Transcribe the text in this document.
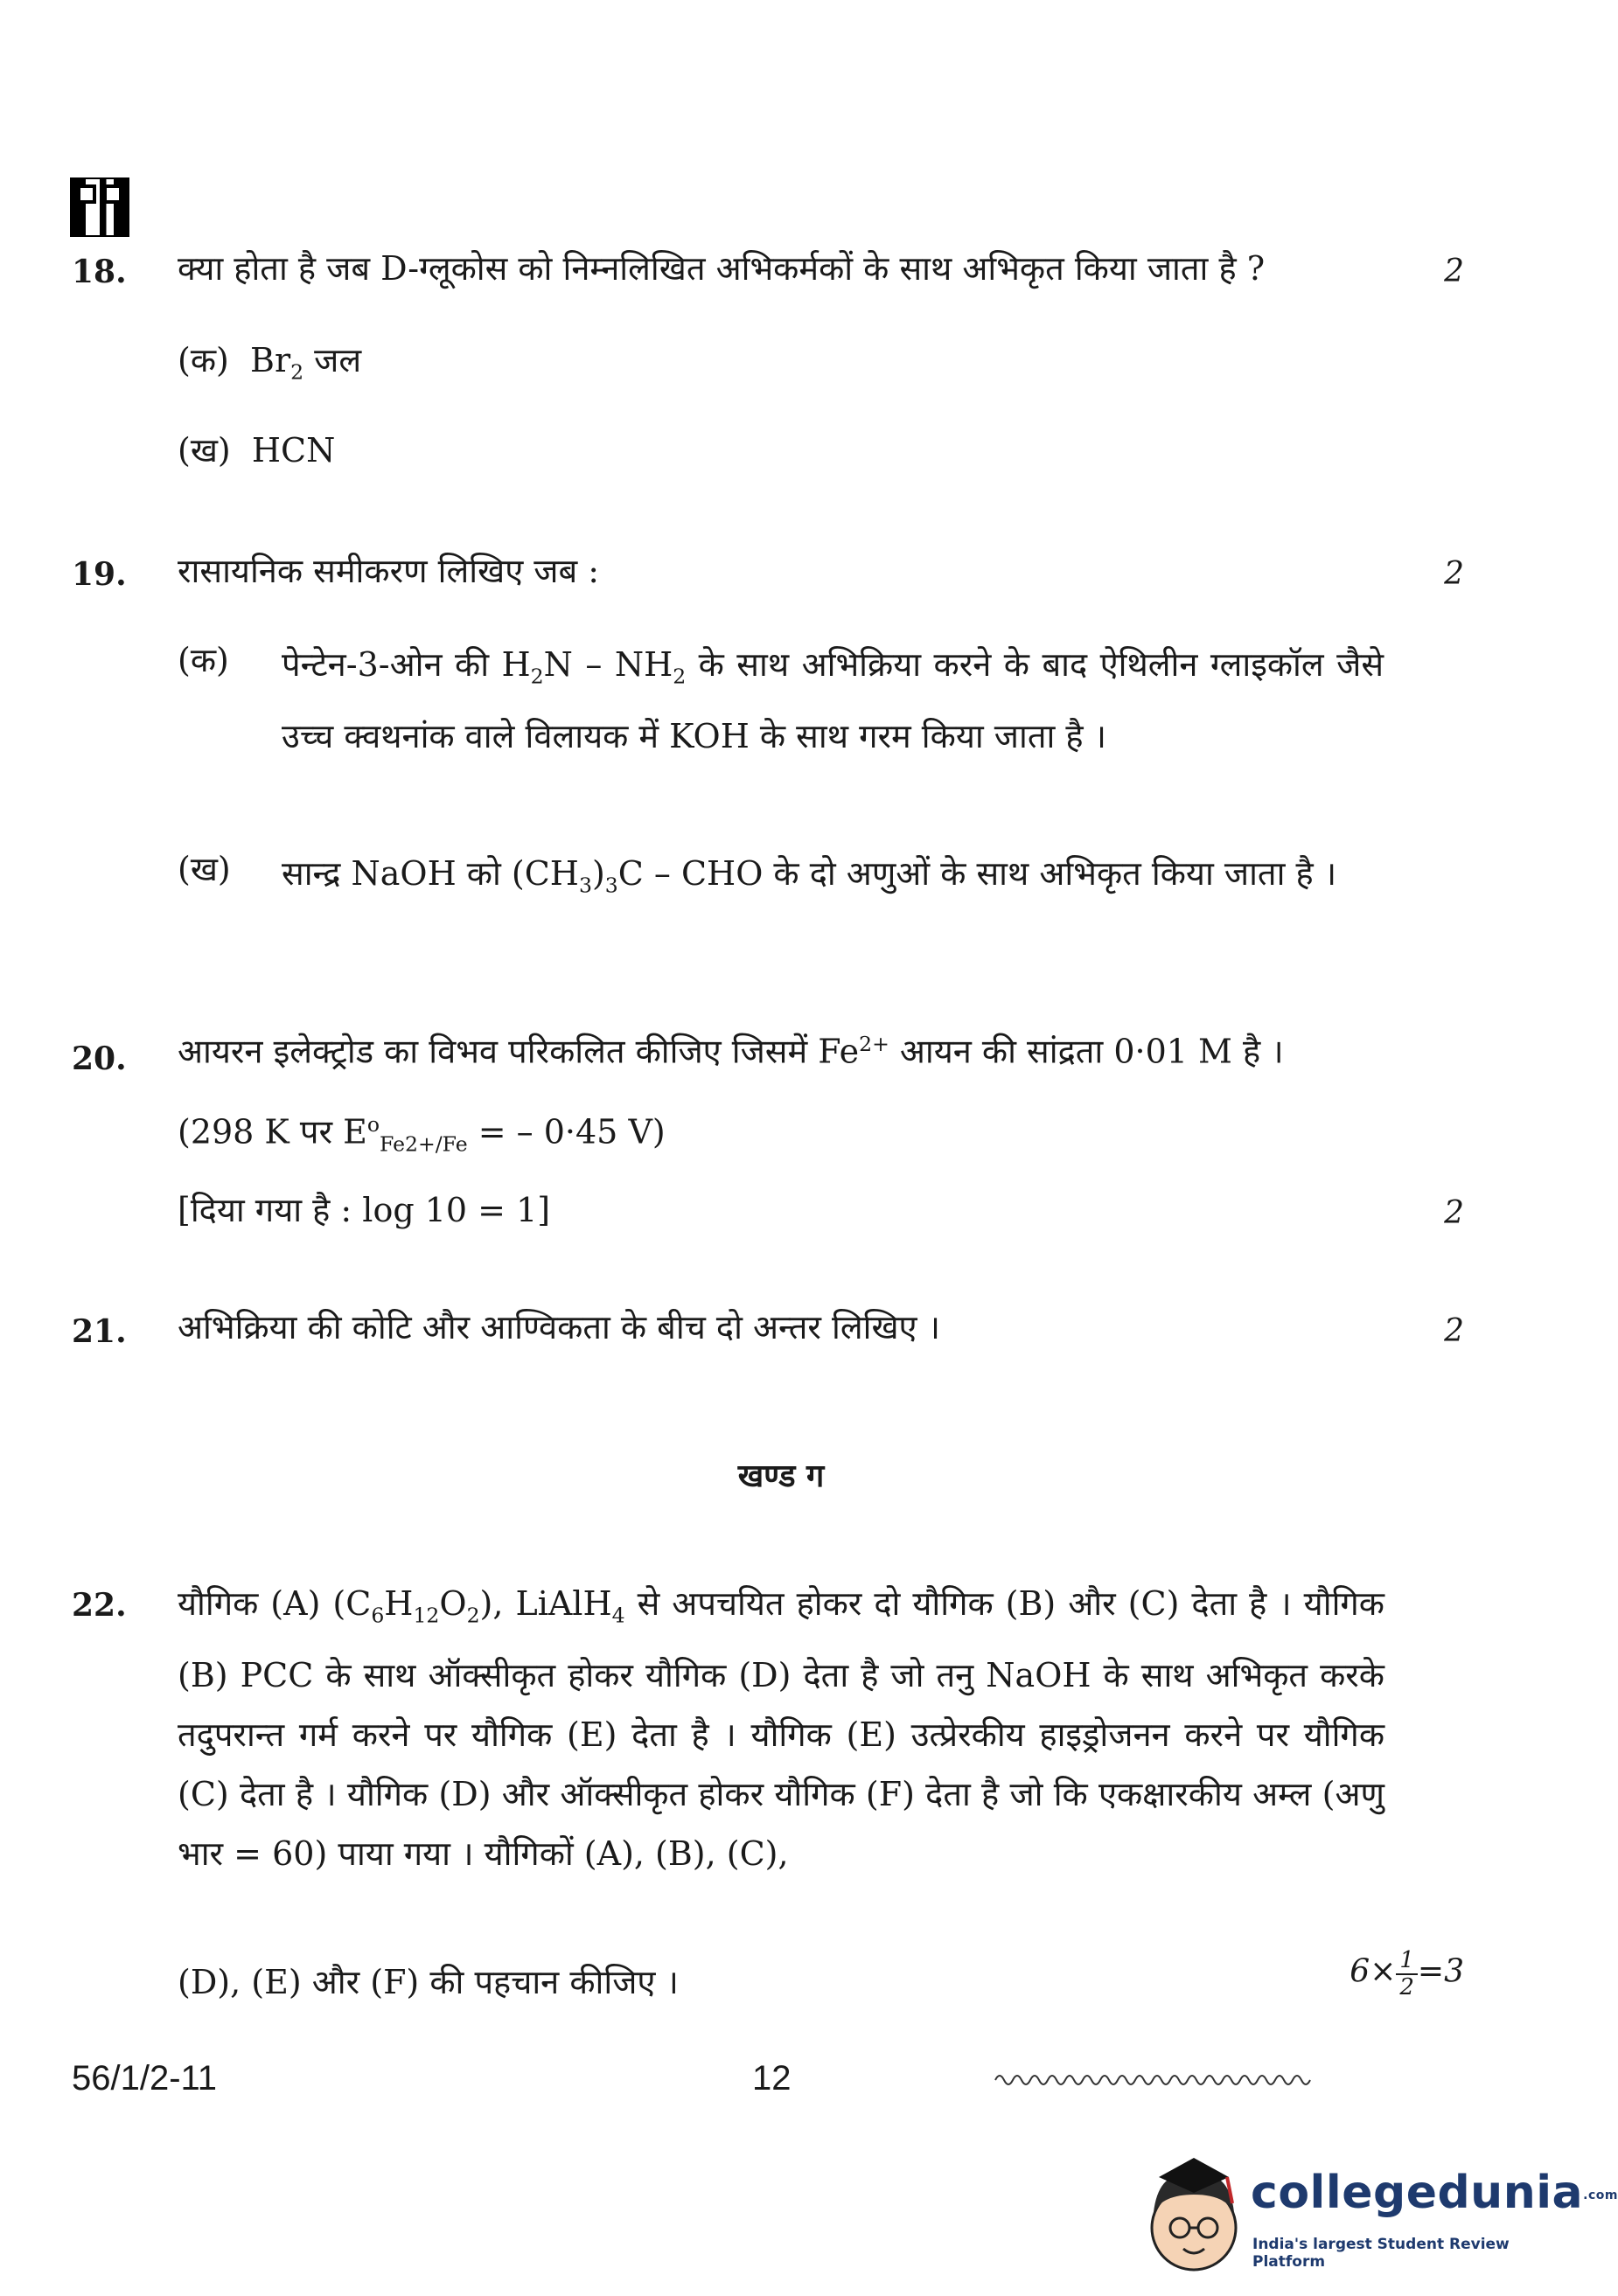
18. क्या होता है जब D-ग्लूकोस को निम्नलिखित अभिकर्मकों के साथ अभिकृत किया जाता है ?	2
(क) $Br_2$ जल
(ख) HCN
19. रासायनिक समीकरण लिखिए जब :	2
(क) पेन्टेन-3-ओन की $H_2N - NH_2$ के साथ अभिक्रिया करने के बाद ऐथिलीन ग्लाइकॉल जैसे उच्च क्वथनांक वाले विलायक में KOH के साथ गरम किया जाता है ।
(ख) सान्द्र NaOH को $(CH_3)_3C$ – CHO के दो अणुओं के साथ अभिकृत किया जाता है ।
20. आयरन इलेक्ट्रोड का विभव परिकलित कीजिए जिसमें $Fe^{2+}$ आयन की सांद्रता 0·01 M है ।
(298 K पर $E^o_{Fe2+/Fe}$ = – 0·45 V)
[दिया गया है : log 10 = 1]	2
21. अभिक्रिया की कोटि और आण्विकता के बीच दो अन्तर लिखिए ।	2
खण्ड ग
22. यौगिक (A) $(C_6H_{12}O_2)$, LiAlH$_4$ से अपचयित होकर दो यौगिक (B) और (C) देता है । यौगिक (B) PCC के साथ ऑक्सीकृत होकर यौगिक (D) देता है जो तनु NaOH के साथ अभिकृत करके तदुपरान्त गर्म करने पर यौगिक (E) देता है । यौगिक (E) उत्प्रेरकीय हाइड्रोजनन करने पर यौगिक (C) देता है । यौगिक (D) और ऑक्सीकृत होकर यौगिक (F) देता है जो कि एकक्षारकीय अम्ल (अणु भार = 60) पाया गया । यौगिकों (A), (B), (C),
(D), (E) और (F) की पहचान कीजिए ।	$6\times \frac{1}{2} =3$
56/1/2-11	12
collegedunia.com
India's largest Student Review Platform
